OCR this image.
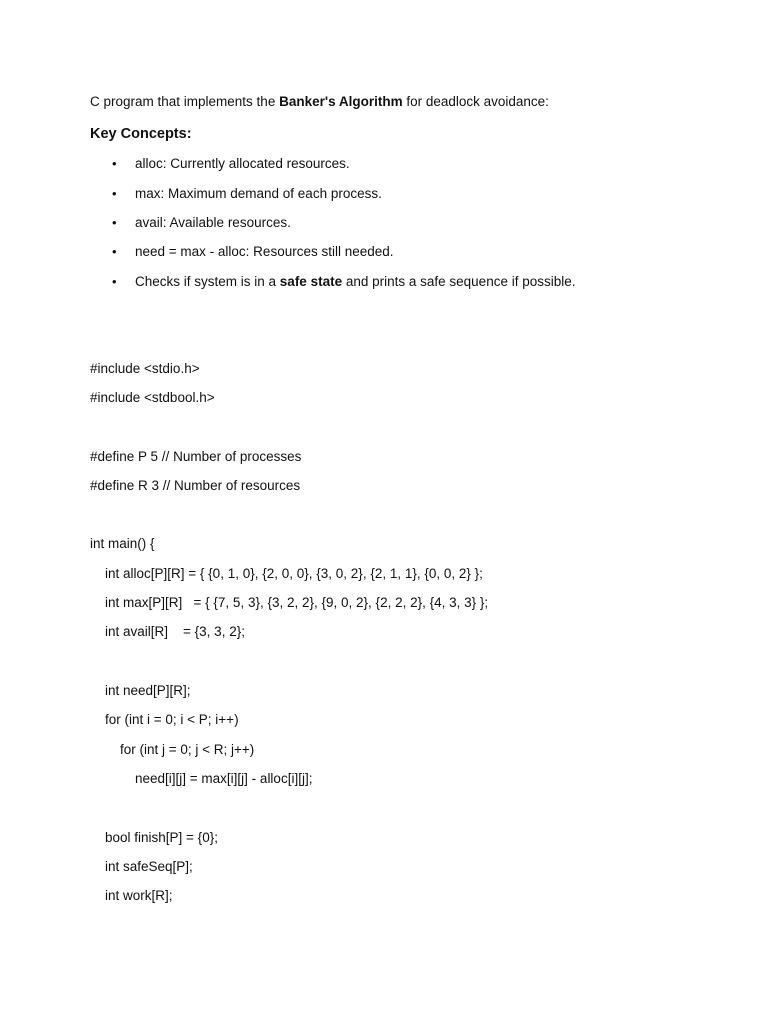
C program that implements the Banker's Algorithm for deadlock avoidance:
Key Concepts:
• alloc: Currently allocated resources.
• max: Maximum demand of each process.
• avail: Available resources.
• need = max - alloc: Resources still needed.
• Checks if system is in a safe state and prints a safe sequence if possible.
#include <stdio.h>
#include <stdbool.h>
#define P 5 // Number of processes
#define R 3 // Number of resources
int main() {
int alloc[P][R] = { {0, 1, 0}, {2, 0, 0}, {3, 0, 2}, {2, 1, 1}, {0, 0, 2} };
int max[P][R]   = { {7, 5, 3}, {3, 2, 2}, {9, 0, 2}, {2, 2, 2}, {4, 3, 3} };
int avail[R]    = {3, 3, 2};
int need[P][R];
for (int i = 0; i < P; i++)
for (int j = 0; j < R; j++)
need[i][j] = max[i][j] - alloc[i][j];
bool finish[P] = {0};
int safeSeq[P];
int work[R];
